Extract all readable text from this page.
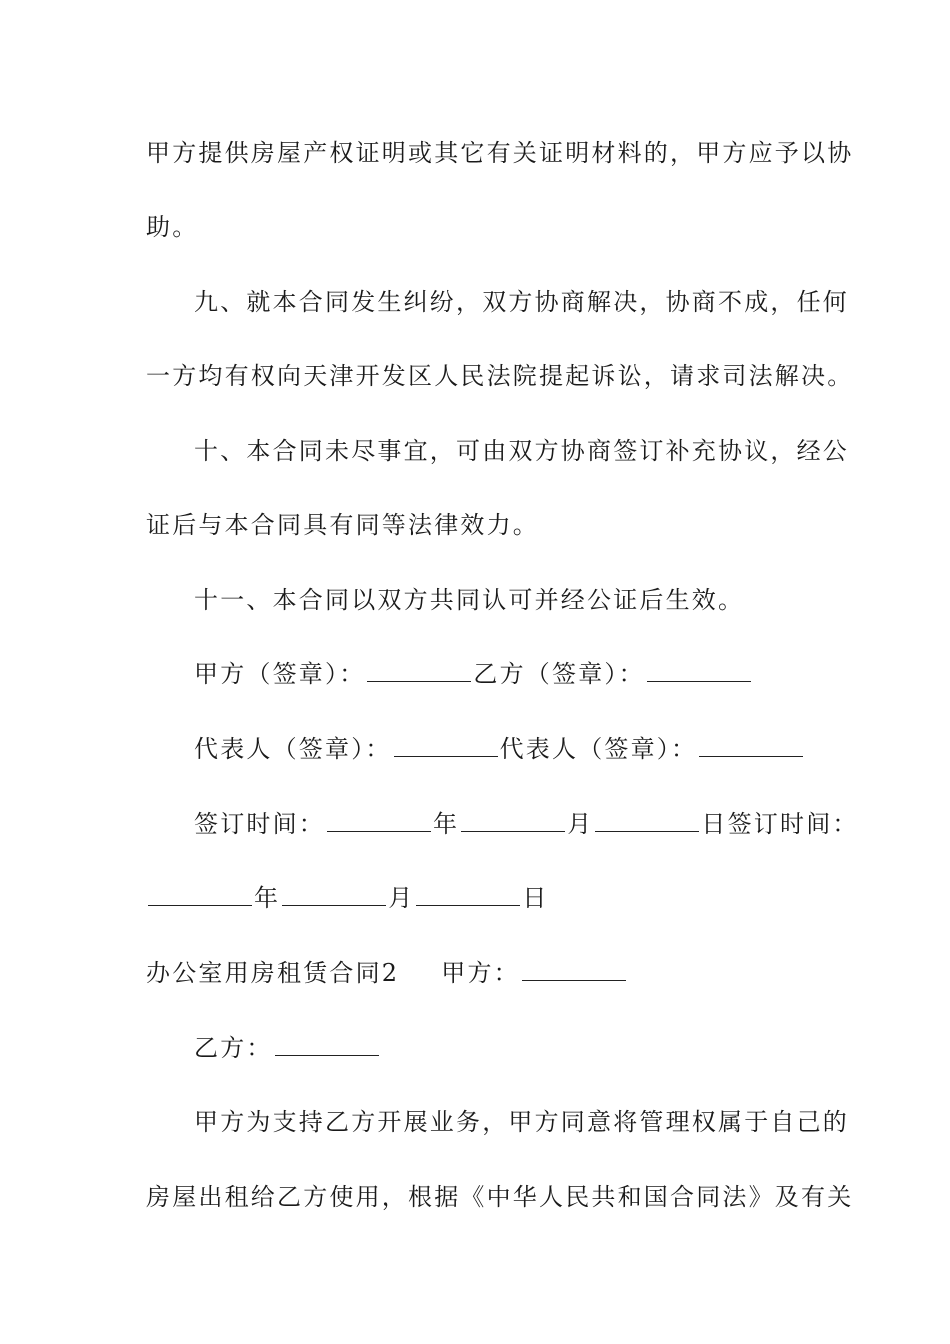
甲方提供房屋产权证明或其它有关证明材料的，甲方应予以协
助。
九、就本合同发生纠纷，双方协商解决，协商不成，任何
一方均有权向天津开发区人民法院提起诉讼，请求司法解决。
十、本合同未尽事宜，可由双方协商签订补充协议，经公
证后与本合同具有同等法律效力。
十一、本合同以双方共同认可并经公证后生效。
甲方（签章）：	乙方（签章）：
代表人（签章）：	代表人（签章）：
签订时间：	年	月	日签订时间：
年	月	日
办公室用房租赁合同2 甲方：
乙方：
甲方为支持乙方开展业务，甲方同意将管理权属于自己的
房屋出租给乙方使用，根据《中华人民共和国合同法》及有关
